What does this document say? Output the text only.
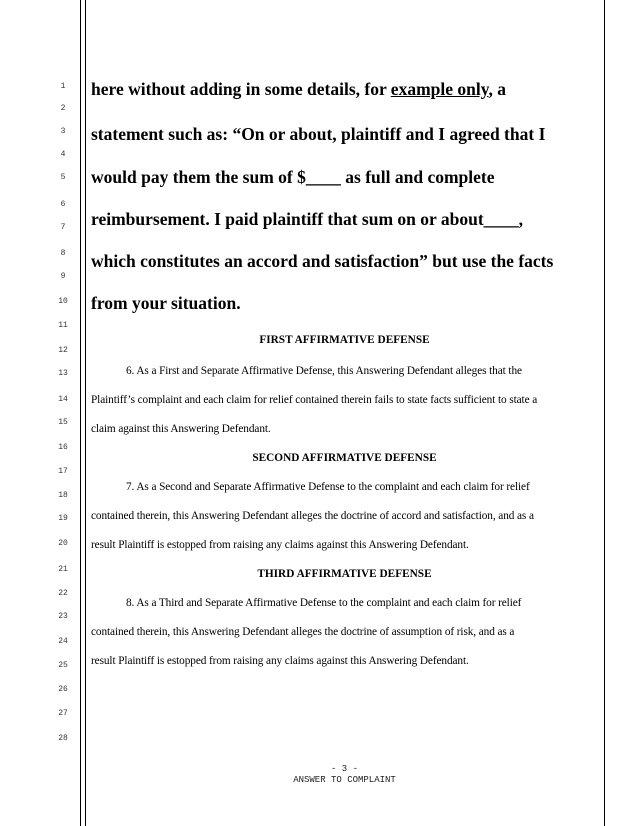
1
2
3
4
5
6
7
8
9
10
11
12
13
14
15
16
17
18
19
20
21
22
23
24
25
26
27
28
here without adding in some details, for example only, a
statement such as: “On or about, plaintiff and I agreed that I
would pay them the sum of $____ as full and complete
reimbursement. I paid plaintiff that sum on or about____,
which constitutes an accord and satisfaction” but use the facts
from your situation.
FIRST AFFIRMATIVE DEFENSE
6. As a First and Separate Affirmative Defense, this Answering Defendant alleges that the
Plaintiff’s complaint and each claim for relief contained therein fails to state facts sufficient to state a
claim against this Answering Defendant.
SECOND AFFIRMATIVE DEFENSE
7. As a Second and Separate Affirmative Defense to the complaint and each claim for relief
contained therein, this Answering Defendant alleges the doctrine of accord and satisfaction, and as a
result Plaintiff is estopped from raising any claims against this Answering Defendant.
THIRD AFFIRMATIVE DEFENSE
8. As a Third and Separate Affirmative Defense to the complaint and each claim for relief
contained therein, this Answering Defendant alleges the doctrine of assumption of risk, and as a
result Plaintiff is estopped from raising any claims against this Answering Defendant.
- 3 -
ANSWER TO COMPLAINT
